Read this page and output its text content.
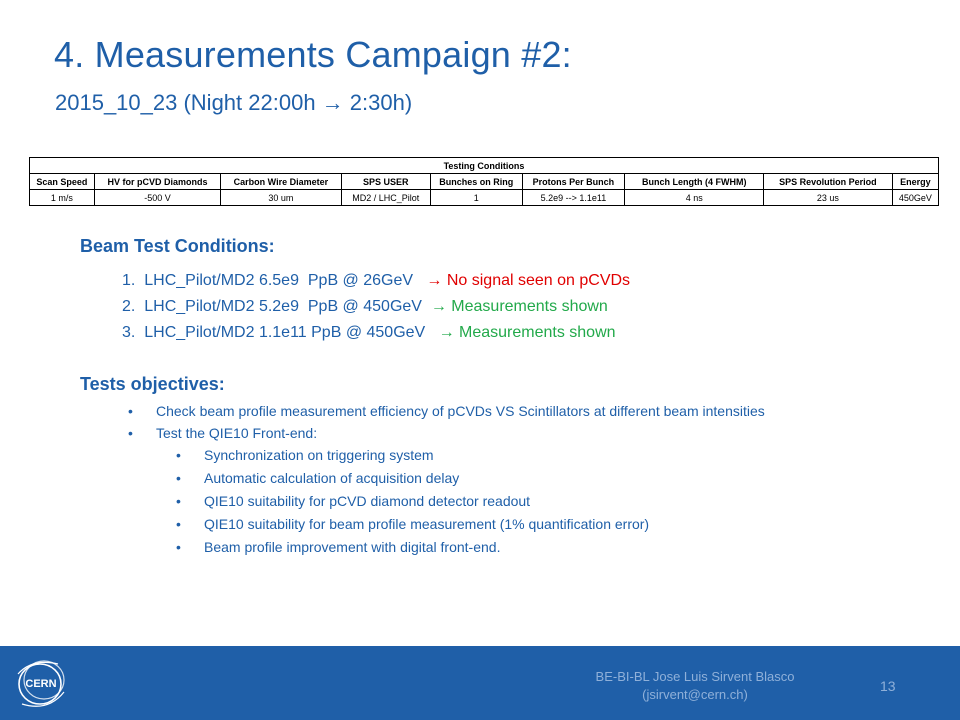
4. Measurements Campaign #2:
2015_10_23 (Night 22:00h → 2:30h)
Testing Conditions								
Scan Speed	HV for pCVD Diamonds	Carbon Wire Diameter	SPS USER	Bunches on Ring	Protons Per Bunch	Bunch Length (4 FWHM)	SPS Revolution Period	Energy
1 m/s	-500 V	30 um	MD2 / LHC_Pilot	1	5.2e9 --> 1.1e11	4 ns	23 us	450GeV
Beam Test Conditions:
1. LHC_Pilot/MD2 6.5e9  PpB @ 26GeV   → No signal seen on pCVDs
2. LHC_Pilot/MD2 5.2e9  PpB @ 450GeV  → Measurements shown
3. LHC_Pilot/MD2 1.1e11 PpB @ 450GeV   → Measurements shown
Tests objectives:
• Check beam profile measurement efficiency of pCVDs VS Scintillators at different beam intensities
• Test the QIE10 Front-end:
• Synchronization on triggering system
• Automatic calculation of acquisition delay
• QIE10 suitability for pCVD diamond detector readout
• QIE10 suitability for beam profile measurement (1% quantification error)
• Beam profile improvement with digital front-end.
CERN	BE-BI-BL Jose Luis Sirvent Blasco
(jsirvent@cern.ch)
13
